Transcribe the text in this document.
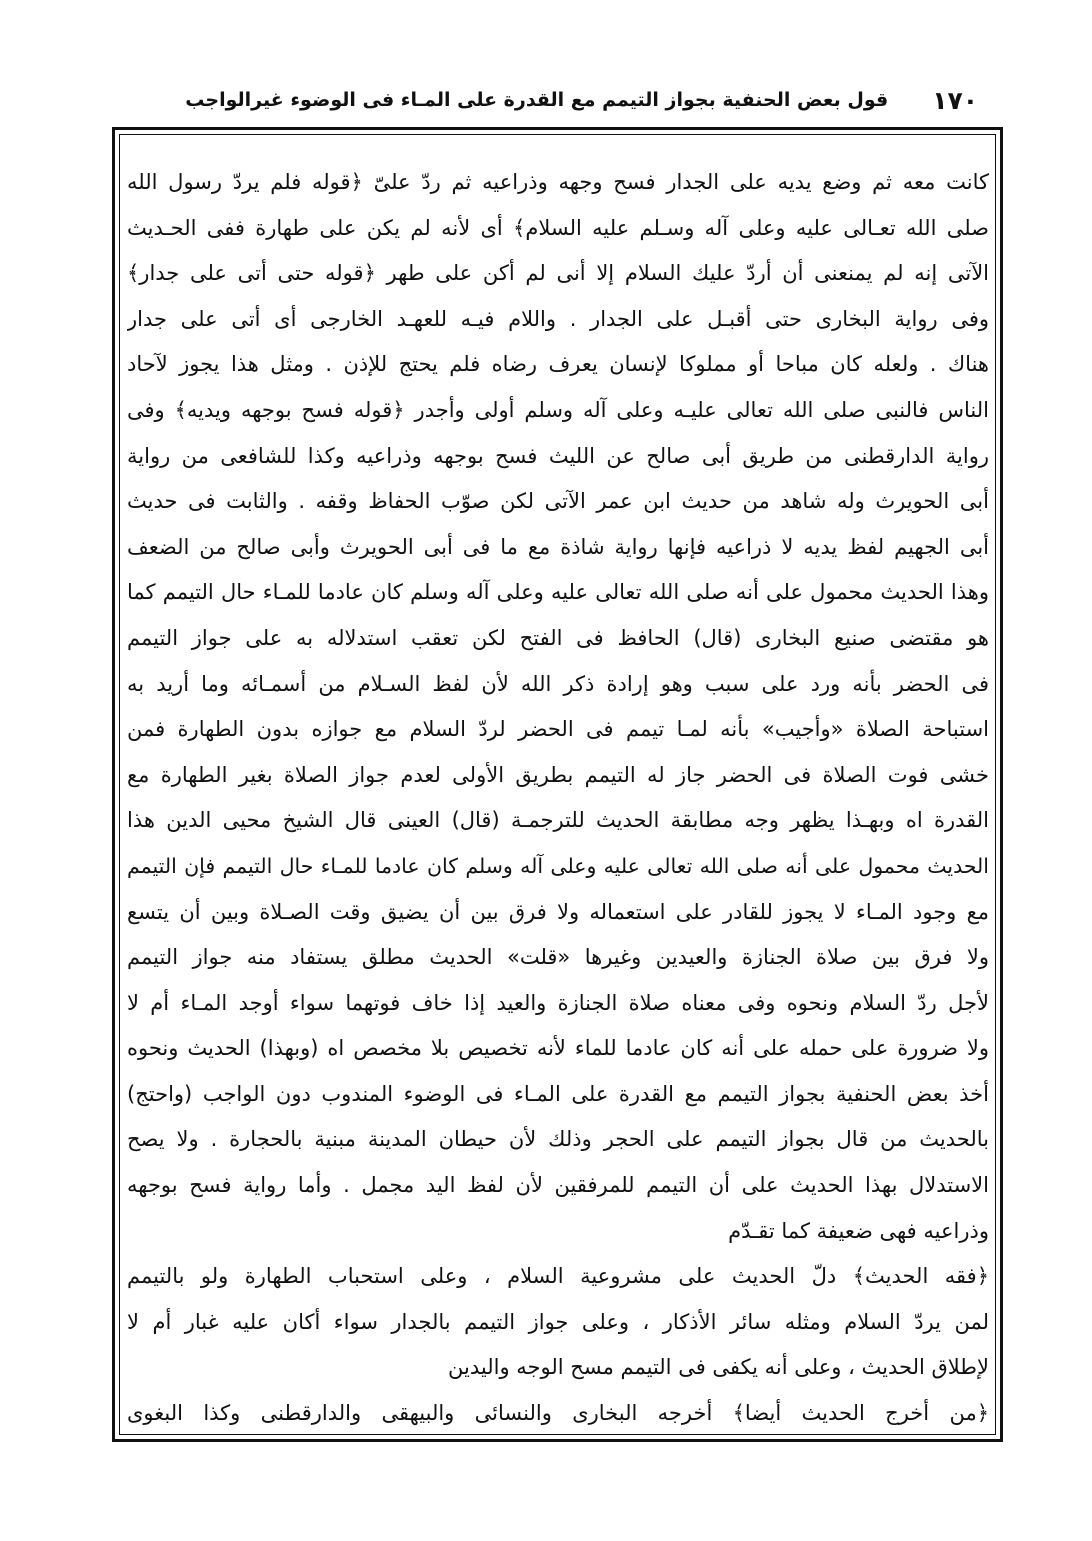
١٧٠
قول بعض الحنفية بجواز التيمم مع القدرة على المـاء فى الوضوء غيرالواجب

كانت معه ثم وضع يديه على الجدار فسح وجهه وذراعيه ثم ردّ علىّ ﴿قوله فلم يردّ رسول الله

صلى الله تعـالى عليه وعلى آله وسـلم عليه السلام﴾ أى لأنه لم يكن على طهارة ففى الحـديث

الآتى إنه لم يمنعنى أن أردّ عليك السلام إلا أنى لم أكن على طهر ﴿قوله حتى أتى على جدار﴾

وفى رواية البخارى حتى أقبـل على الجدار . واللام فيـه للعهـد الخارجى أى أتى على جدار

هناك . ولعله كان مباحا أو مملوكا لإنسان يعرف رضاه فلم يحتج للإذن . ومثل هذا يجوز لآحاد

الناس فالنبى صلى الله تعالى عليـه وعلى آله وسلم أولى وأجدر ﴿قوله فسح بوجهه ويديه﴾ وفى

رواية الدارقطنى من طريق أبى صالح عن الليث فسح بوجهه وذراعيه وكذا للشافعى من رواية

أبى الحويرث وله شاهد من حديث ابن عمر الآتى لكن صوّب الحفاظ وقفه . والثابت فى حديث

أبى الجهيم لفظ يديه لا ذراعيه فإنها رواية شاذة مع ما فى أبى الحويرث وأبى صالح من الضعف

وهذا الحديث محمول على أنه صلى الله تعالى عليه وعلى آله وسلم كان عادما للمـاء حال التيمم كما

هو مقتضى صنيع البخارى (قال) الحافظ فى الفتح لكن تعقب استدلاله به على جواز التيمم

فى الحضر بأنه ورد على سبب وهو إرادة ذكر الله لأن لفظ السـلام من أسمـائه وما أريد به

استباحة الصلاة «وأجيب» بأنه لمـا تيمم فى الحضر لردّ السلام مع جوازه بدون الطهارة فمن

خشى فوت الصلاة فى الحضر جاز له التيمم بطريق الأولى لعدم جواز الصلاة بغير الطهارة مع

القدرة اه وبهـذا يظهر وجه مطابقة الحديث للترجمـة (قال) العينى قال الشيخ محيى الدين هذا

الحديث محمول على أنه صلى الله تعالى عليه وعلى آله وسلم كان عادما للمـاء حال التيمم فإن التيمم

مع وجود المـاء لا يجوز للقادر على استعماله ولا فرق بين أن يضيق وقت الصـلاة وبين أن يتسع

ولا فرق بين صلاة الجنازة والعيدين وغيرها «قلت» الحديث مطلق يستفاد منه جواز التيمم

لأجل ردّ السلام ونحوه وفى معناه صلاة الجنازة والعيد إذا خاف فوتهما سواء أوجد المـاء أم لا

ولا ضرورة على حمله على أنه كان عادما للماء لأنه تخصيص بلا مخصص اه (وبهذا) الحديث ونحوه

أخذ بعض الحنفية بجواز التيمم مع القدرة على المـاء فى الوضوء المندوب دون الواجب (واحتج)

بالحديث من قال بجواز التيمم على الحجر وذلك لأن حيطان المدينة مبنية بالحجارة . ولا يصح

الاستدلال بهذا الحديث على أن التيمم للمرفقين لأن لفظ اليد مجمل . وأما رواية فسح بوجهه

وذراعيه فهى ضعيفة كما تقـدّم

﴿فقه الحديث﴾ دلّ الحديث على مشروعية السلام ، وعلى استحباب الطهارة ولو بالتيمم

لمن يردّ السلام ومثله سائر الأذكار ، وعلى جواز التيمم بالجدار سواء أكان عليه غبار أم لا

لإطلاق الحديث ، وعلى أنه يكفى فى التيمم مسح الوجه واليدين

﴿من أخرج الحديث أيضا﴾ أخرجه البخارى والنسائى والبيهقى والدارقطنى وكذا البغوى
